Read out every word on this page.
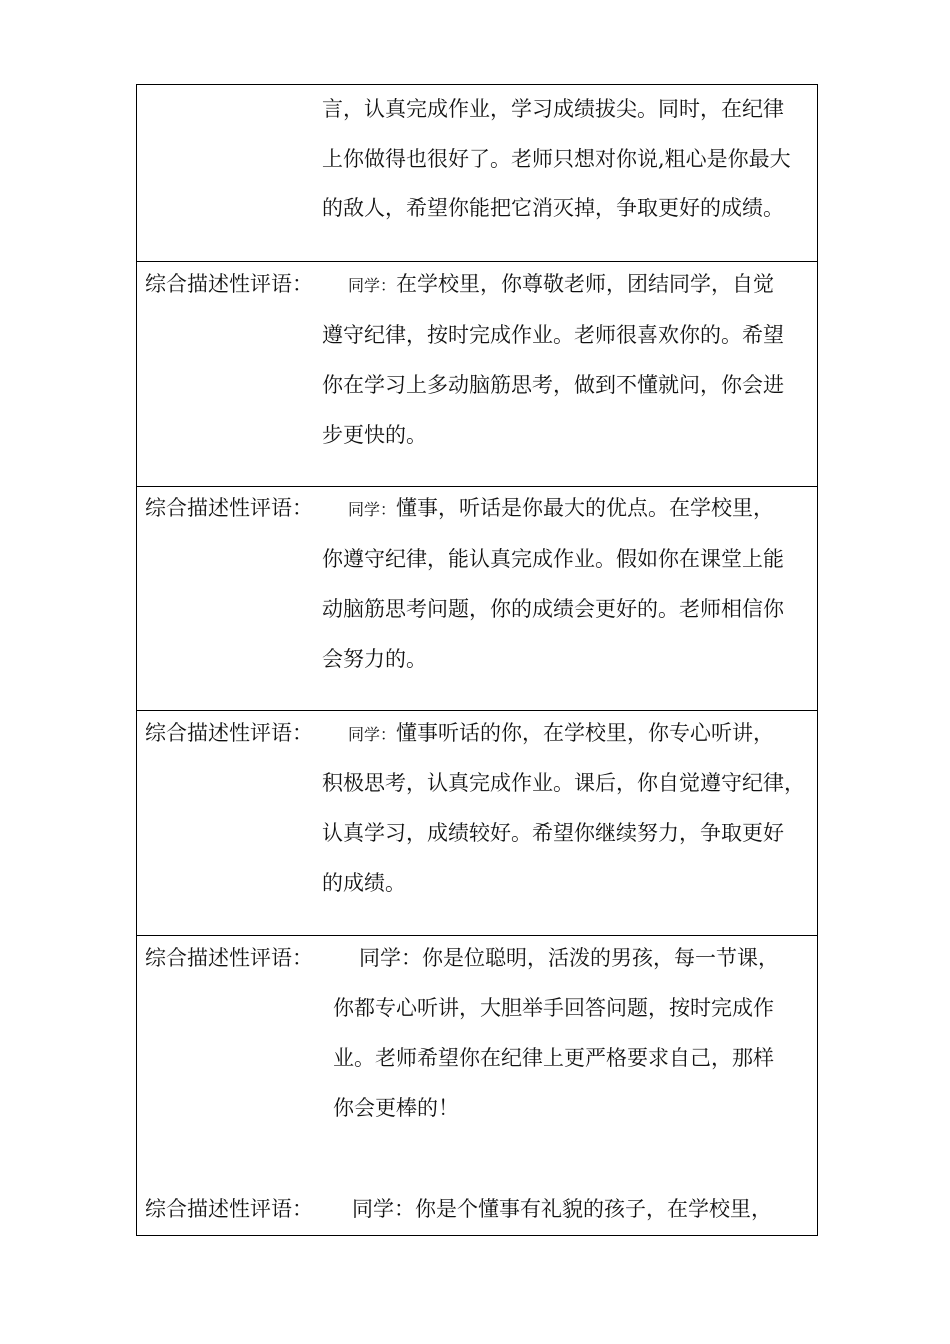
言，认真完成作业，学习成绩拔尖。同时，在纪律
上你做得也很好了。老师只想对你说,粗心是你最大
的敌人，希望你能把它消灭掉，争取更好的成绩。
综合描述性评语：	同学：在学校里，你尊敬老师，团结同学，自觉
遵守纪律，按时完成作业。老师很喜欢你的。希望
你在学习上多动脑筋思考，做到不懂就问，你会进
步更快的。
综合描述性评语：	同学：懂事，听话是你最大的优点。在学校里，
你遵守纪律，能认真完成作业。假如你在课堂上能
动脑筋思考问题，你的成绩会更好的。老师相信你
会努力的。
综合描述性评语：	同学：懂事听话的你，在学校里，你专心听讲，
积极思考，认真完成作业。课后，你自觉遵守纪律，
认真学习，成绩较好。希望你继续努力，争取更好
的成绩。
综合描述性评语： 同学：你是位聪明，活泼的男孩，每一节课，
你都专心听讲，大胆举手回答问题，按时完成作
业。老师希望你在纪律上更严格要求自己，那样
你会更棒的！
综合描述性评语： 同学：你是个懂事有礼貌的孩子，在学校里，
